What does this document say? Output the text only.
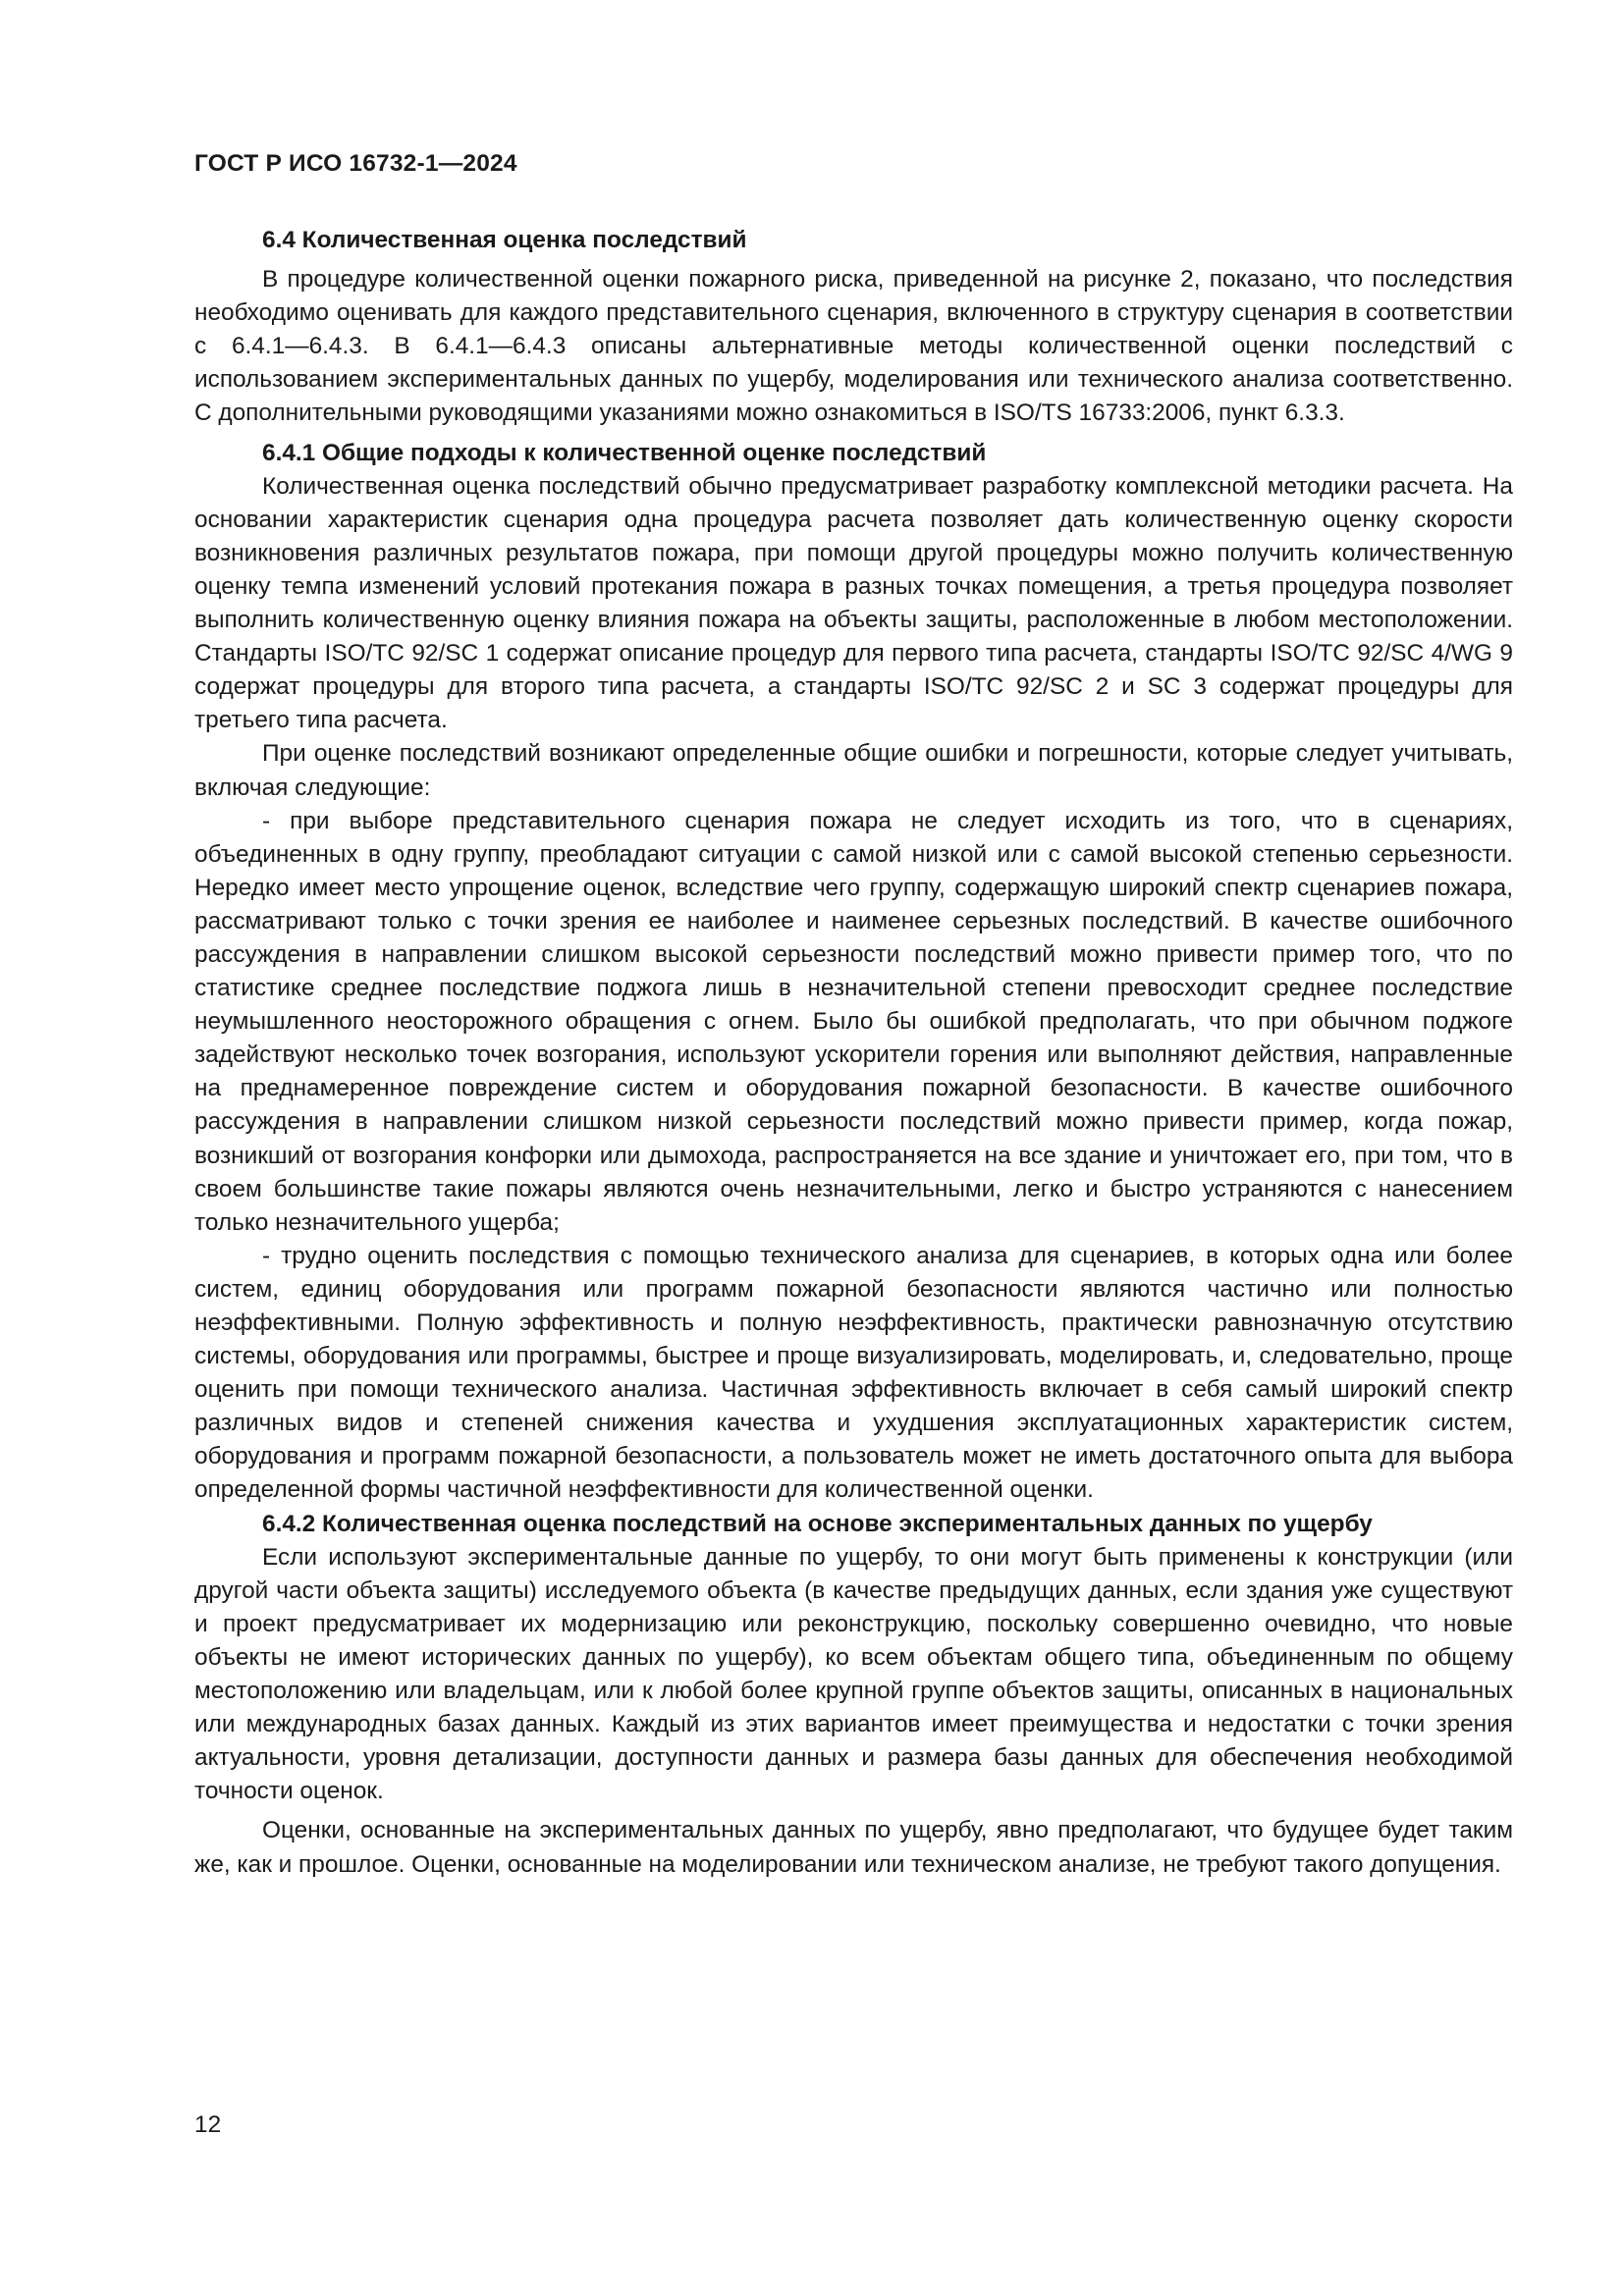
ГОСТ Р ИСО 16732-1—2024

6.4 Количественная оценка последствий

В процедуре количественной оценки пожарного риска, приведенной на рисунке 2, показано, что последствия необходимо оценивать для каждого представительного сценария, включенного в структуру сценария в соответствии с 6.4.1—6.4.3. В 6.4.1—6.4.3 описаны альтернативные методы количественной оценки последствий с использованием экспериментальных данных по ущербу, моделирования или технического анализа соответственно. С дополнительными руководящими указаниями можно ознакомиться в ISO/TS 16733:2006, пункт 6.3.3.

6.4.1 Общие подходы к количественной оценке последствий

Количественная оценка последствий обычно предусматривает разработку комплексной методики расчета. На основании характеристик сценария одна процедура расчета позволяет дать количественную оценку скорости возникновения различных результатов пожара, при помощи другой процедуры можно получить количественную оценку темпа изменений условий протекания пожара в разных точках помещения, а третья процедура позволяет выполнить количественную оценку влияния пожара на объекты защиты, расположенные в любом местоположении. Стандарты ISO/TC 92/SC 1 содержат описание процедур для первого типа расчета, стандарты ISO/TC 92/SC 4/WG 9 содержат процедуры для второго типа расчета, а стандарты ISO/TC 92/SC 2 и SC 3 содержат процедуры для третьего типа расчета.

При оценке последствий возникают определенные общие ошибки и погрешности, которые следует учитывать, включая следующие:

- при выборе представительного сценария пожара не следует исходить из того, что в сценариях, объединенных в одну группу, преобладают ситуации с самой низкой или с самой высокой степенью серьезности. Нередко имеет место упрощение оценок, вследствие чего группу, содержащую широкий спектр сценариев пожара, рассматривают только с точки зрения ее наиболее и наименее серьезных последствий. В качестве ошибочного рассуждения в направлении слишком высокой серьезности последствий можно привести пример того, что по статистике среднее последствие поджога лишь в незначительной степени превосходит среднее последствие неумышленного неосторожного обращения с огнем. Было бы ошибкой предполагать, что при обычном поджоге задействуют несколько точек возгорания, используют ускорители горения или выполняют действия, направленные на преднамеренное повреждение систем и оборудования пожарной безопасности. В качестве ошибочного рассуждения в направлении слишком низкой серьезности последствий можно привести пример, когда пожар, возникший от возгорания конфорки или дымохода, распространяется на все здание и уничтожает его, при том, что в своем большинстве такие пожары являются очень незначительными, легко и быстро устраняются с нанесением только незначительного ущерба;

- трудно оценить последствия с помощью технического анализа для сценариев, в которых одна или более систем, единиц оборудования или программ пожарной безопасности являются частично или полностью неэффективными. Полную эффективность и полную неэффективность, практически равнозначную отсутствию системы, оборудования или программы, быстрее и проще визуализировать, моделировать, и, следовательно, проще оценить при помощи технического анализа. Частичная эффективность включает в себя самый широкий спектр различных видов и степеней снижения качества и ухудшения эксплуатационных характеристик систем, оборудования и программ пожарной безопасности, а пользователь может не иметь достаточного опыта для выбора определенной формы частичной неэффективности для количественной оценки.

6.4.2 Количественная оценка последствий на основе экспериментальных данных по ущербу

Если используют экспериментальные данные по ущербу, то они могут быть применены к конструкции (или другой части объекта защиты) исследуемого объекта (в качестве предыдущих данных, если здания уже существуют и проект предусматривает их модернизацию или реконструкцию, поскольку совершенно очевидно, что новые объекты не имеют исторических данных по ущербу), ко всем объектам общего типа, объединенным по общему местоположению или владельцам, или к любой более крупной группе объектов защиты, описанных в национальных или международных базах данных. Каждый из этих вариантов имеет преимущества и недостатки с точки зрения актуальности, уровня детализации, доступности данных и размера базы данных для обеспечения необходимой точности оценок.

Оценки, основанные на экспериментальных данных по ущербу, явно предполагают, что будущее будет таким же, как и прошлое. Оценки, основанные на моделировании или техническом анализе, не требуют такого допущения.

12
